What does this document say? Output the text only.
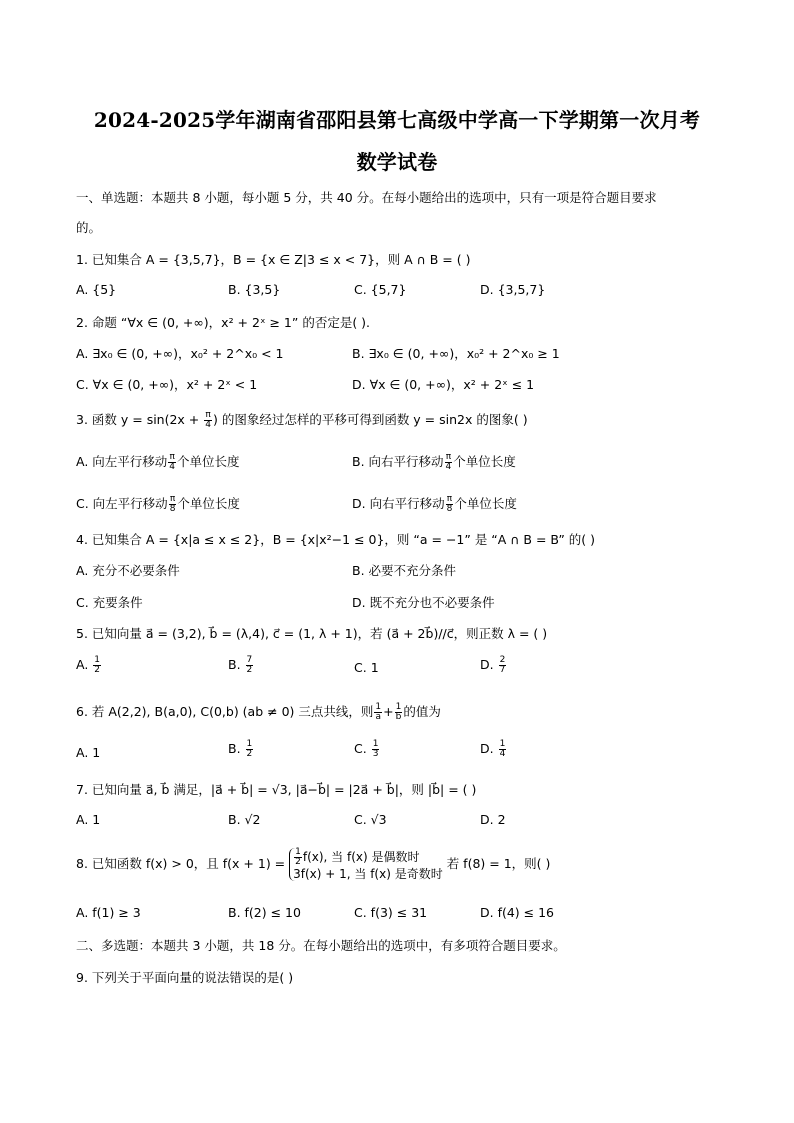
2024-2025学年湖南省邵阳县第七高级中学高一下学期第一次月考
数学试卷
一、单选题：本题共 8 小题，每小题 5 分，共 40 分。在每小题给出的选项中，只有一项是符合题目要求
的。
1. 已知集合 A = {3,5,7}，B = {x ∈ Z|3 ≤ x < 7}，则 A ∩ B = ( )
A. {5}	B. {3,5}	C. {5,7}	D. {3,5,7}
2. 命题 “∀x ∈ (0, +∞)，x² + 2ˣ ≥ 1” 的否定是( ).
A. ∃x₀ ∈ (0, +∞)，x₀² + 2^x₀ < 1	B. ∃x₀ ∈ (0, +∞)，x₀² + 2^x₀ ≥ 1
C. ∀x ∈ (0, +∞)，x² + 2ˣ < 1	D. ∀x ∈ (0, +∞)，x² + 2ˣ ≤ 1
3. 函数 $y = \sin(2x + \frac{\pi}{4}$ ) 的图象经过怎样的平移可得到函数 y = sin2x 的图象( )
A. 向左平行移动 $\frac{\pi}{4}$ 个单位长度	B. 向右平行移动 $\frac{\pi}{4}$ 个单位长度
C. 向左平行移动 $\frac{\pi}{8}$ 个单位长度	D. 向右平行移动 $\frac{\pi}{8}$ 个单位长度
4. 已知集合 A = {x|a ≤ x ≤ 2}，B = {x|x²−1 ≤ 0}，则 “a = −1” 是 “A ∩ B = B” 的( )
A. 充分不必要条件	B. 必要不充分条件
C. 充要条件	D. 既不充分也不必要条件
5. 已知向量 a⃗ = (3,2), b⃗ = (λ,4), c⃗ = (1, λ + 1)，若 (a⃗ + 2b⃗)//c⃗，则正数 λ = ( )
A. $\frac{1}{2}$	B. $\frac{7}{2}$	C. 1	D. $\frac{2}{7}$
6. 若 A(2,2), B(a,0), C(0,b) (ab ≠ 0) 三点共线，则 $\frac{1}{a} + \frac{1}{b}$ 的值为
A. 1	B. $\frac{1}{2}$	C. $\frac{1}{3}$	D. $\frac{1}{4}$
7. 已知向量 a⃗, b⃗ 满足，|a⃗ + b⃗| = √3, |a⃗−b⃗| = |2a⃗ + b⃗|，则 |b⃗| = ( )
A. 1	B. √2	C. √3	D. 2
8. 已知函数 f(x) > 0，且 $f(x + 1) = \frac{1}{2} f(x)$, 当 f(x) 是偶数时
3f(x) + 1, 当 f(x) 是奇数时
若 f(8) = 1，则( )
A. f(1) ≥ 3	B. f(2) ≤ 10	C. f(3) ≤ 31	D. f(4) ≤ 16
二、多选题：本题共 3 小题，共 18 分。在每小题给出的选项中，有多项符合题目要求。
9. 下列关于平面向量的说法错误的是( )
